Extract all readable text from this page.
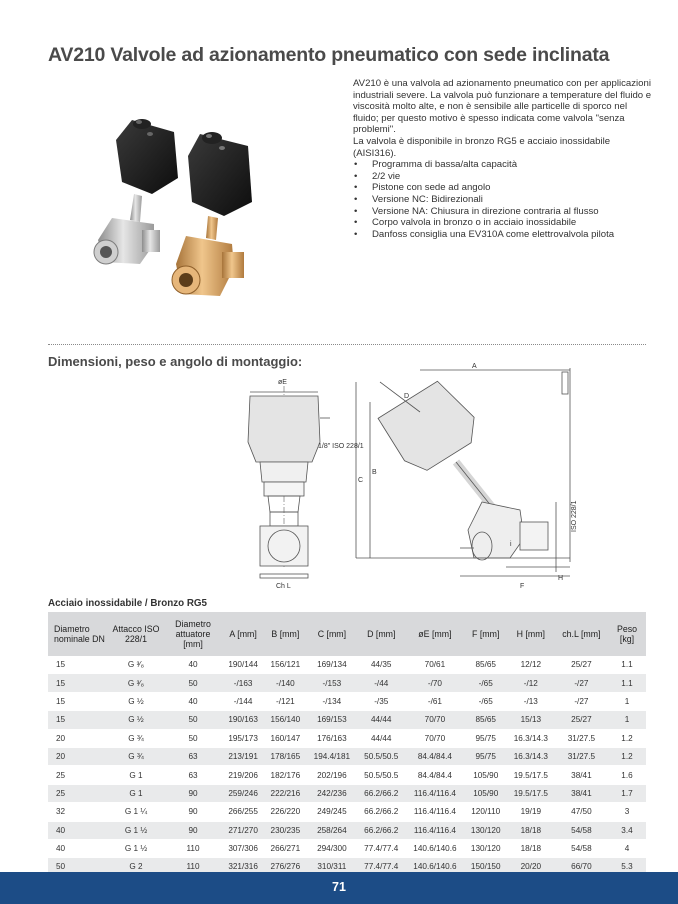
AV210 Valvole ad azionamento pneumatico con sede inclinata

AV210 è una valvola ad azionamento pneumatico con per applicazioni industriali severe. La valvola può funzionare a temperature del fluido e viscosità molto alte, e non è sensibile alle particelle di sporco nel fluido; per questo motivo è spesso indicata come valvola "senza problemi".

La valvola è disponibile in bronzo RG5 e acciaio inossidabile (AISI316).

• Programma di bassa/alta capacità
• 2/2 vie
• Pistone con sede ad angolo
• Versione NC: Bidirezionali
• Versione NA: Chiusura in direzione contraria al flusso
• Corpo valvola in bronzo o in acciaio inossidabile
• Danfoss consiglia una EV310A come elettrovalvola pilota
Dimensioni, peso e angolo di montaggio:
øE
1/8" ISO 228/1
Ch L
A
B
C
D
F
H
i
ISO 228/1
Acciaio inossidabile / Bronzo RG5
Diametro nominale DN	Attacco ISO 228/1	Diametro attuatore [mm]	A [mm]	B [mm]	C [mm]	D [mm]	øE [mm]	F [mm]	H [mm]	ch.L [mm]	Peso [kg]
15	G ³⁄₈	40	190/144	156/121	169/134	44/35	70/61	85/65	12/12	25/27	1.1
15	G ³⁄₈	50	-/163	-/140	-/153	-/44	-/70	-/65	-/12	-/27	1.1
15	G ½	40	-/144	-/121	-/134	-/35	-/61	-/65	-/13	-/27	1
15	G ½	50	190/163	156/140	169/153	44/44	70/70	85/65	15/13	25/27	1
20	G ¾	50	195/173	160/147	176/163	44/44	70/70	95/75	16.3/14.3	31/27.5	1.2
20	G ¾	63	213/191	178/165	194.4/181	50.5/50.5	84.4/84.4	95/75	16.3/14.3	31/27.5	1.2
25	G 1	63	219/206	182/176	202/196	50.5/50.5	84.4/84.4	105/90	19.5/17.5	38/41	1.6
25	G 1	90	259/246	222/216	242/236	66.2/66.2	116.4/116.4	105/90	19.5/17.5	38/41	1.7
32	G 1 ¼	90	266/255	226/220	249/245	66.2/66.2	116.4/116.4	120/110	19/19	47/50	3
40	G 1 ½	90	271/270	230/235	258/264	66.2/66.2	116.4/116.4	130/120	18/18	54/58	3.4
40	G 1 ½	110	307/306	266/271	294/300	77.4/77.4	140.6/140.6	130/120	18/18	54/58	4
50	G 2	110	321/316	276/276	310/311	77.4/77.4	140.6/140.6	150/150	20/20	66/70	5.3
71
